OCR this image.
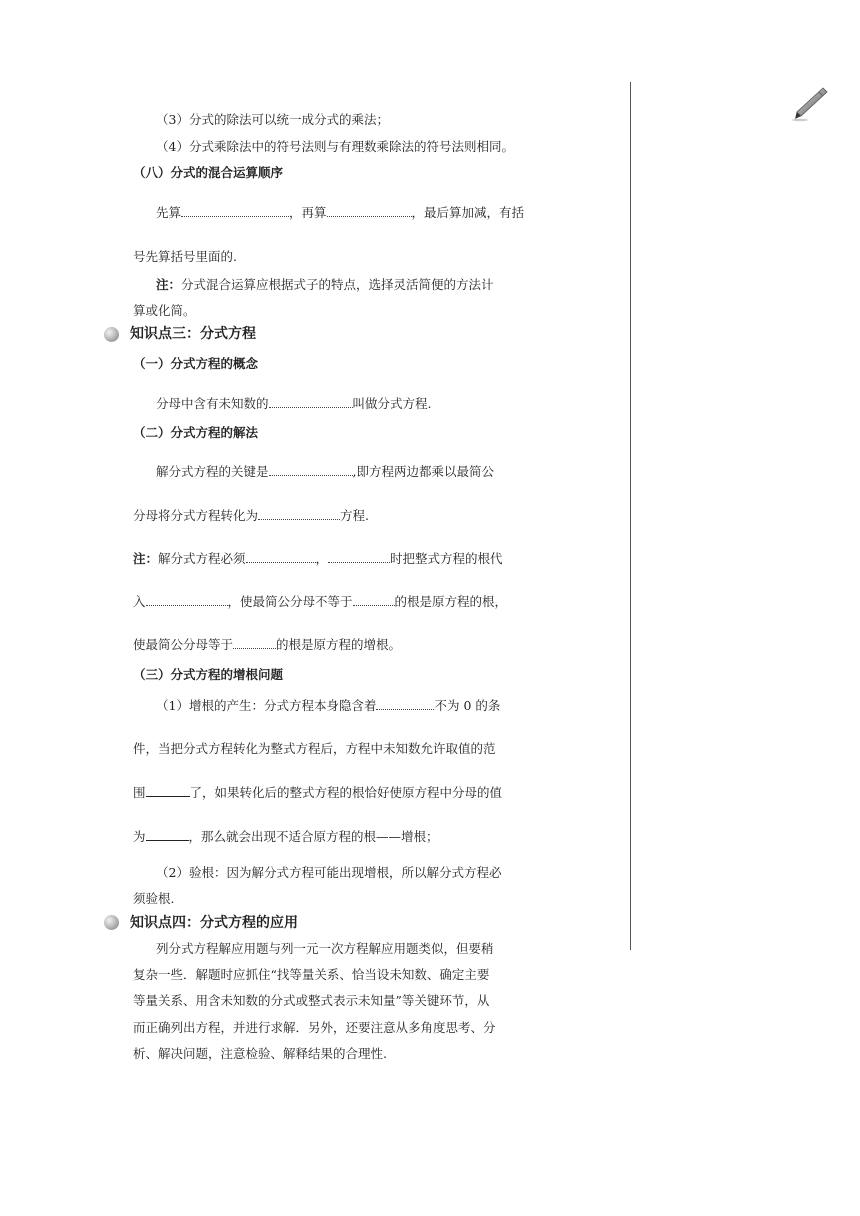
（3）分式的除法可以统一成分式的乘法；
（4）分式乘除法中的符号法则与有理数乘除法的符号法则相同。
（八）分式的混合运算顺序
先算	，再算	，最后算加减，有括
号先算括号里面的.
注：分式混合运算应根据式子的特点，选择灵活简便的方法计
算或化简。
知识点三：分式方程
（一）分式方程的概念
分母中含有未知数的	叫做分式方程.
（二）分式方程的解法
解分式方程的关键是	,即方程两边都乘以最简公
分母将分式方程转化为	方程.
注：解分式方程必须	，	时把整式方程的根代
入	，使最简公分母不等于	的根是原方程的根，
使最简公分母等于	的根是原方程的增根。
（三）分式方程的增根问题
（1）增根的产生：分式方程本身隐含着	不为 0 的条
件，当把分式方程转化为整式方程后，方程中未知数允许取值的范
围	了，如果转化后的整式方程的根恰好使原方程中分母的值
为	，那么就会出现不适合原方程的根——增根；
（2）验根：因为解分式方程可能出现增根，所以解分式方程必
须验根.
知识点四：分式方程的应用
列分式方程解应用题与列一元一次方程解应用题类似，但要稍
复杂一些．解题时应抓住“找等量关系、恰当设未知数、确定主要
等量关系、用含未知数的分式或整式表示未知量”等关键环节，从
而正确列出方程，并进行求解．另外，还要注意从多角度思考、分
析、解决问题，注意检验、解释结果的合理性.
